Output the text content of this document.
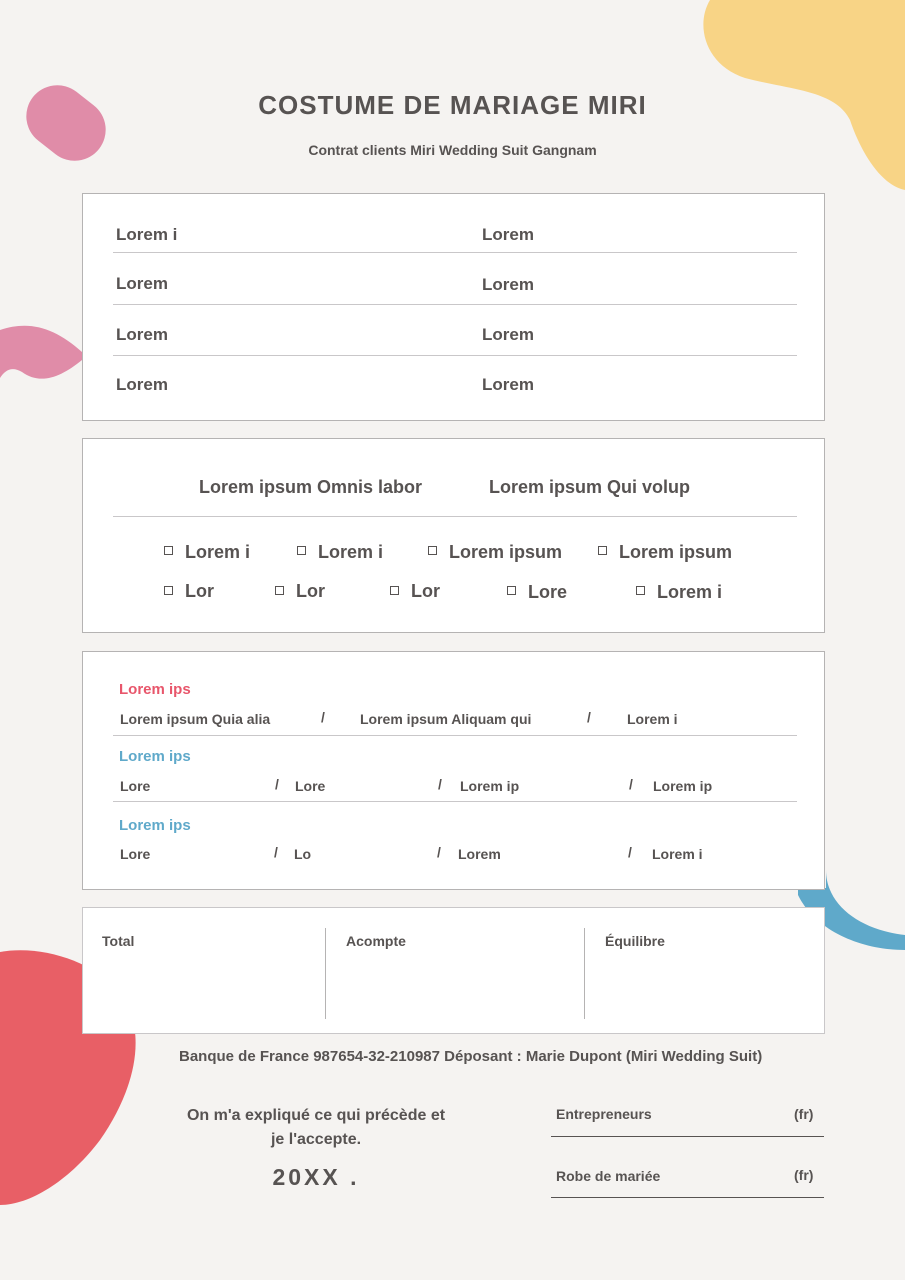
COSTUME DE MARIAGE MIRI
Contrat clients Miri Wedding Suit Gangnam
Lorem i	Lorem
Lorem	Lorem
Lorem	Lorem
Lorem	Lorem
Lorem ipsum Omnis labor	Lorem ipsum Qui volup
Lorem i	Lorem i	Lorem ipsum	Lorem ipsum
Lor	Lor	Lor	Lore	Lorem i
Lorem ips
Lorem ipsum Quia alia	/	Lorem ipsum Aliquam qui	/	Lorem i
Lorem ips
Lore	/ Lore	/ Lorem ip	/ Lorem ip
Lorem ips
Lore	/ Lo	/ Lorem	/ Lorem i
Total	Acompte	Équilibre
Banque de France 987654-32-210987 Déposant : Marie Dupont (Miri Wedding Suit)
On m'a expliqué ce qui précède et
je l'accepte.
20XX .
Entrepreneurs	(fr)
Robe de mariée	(fr)
